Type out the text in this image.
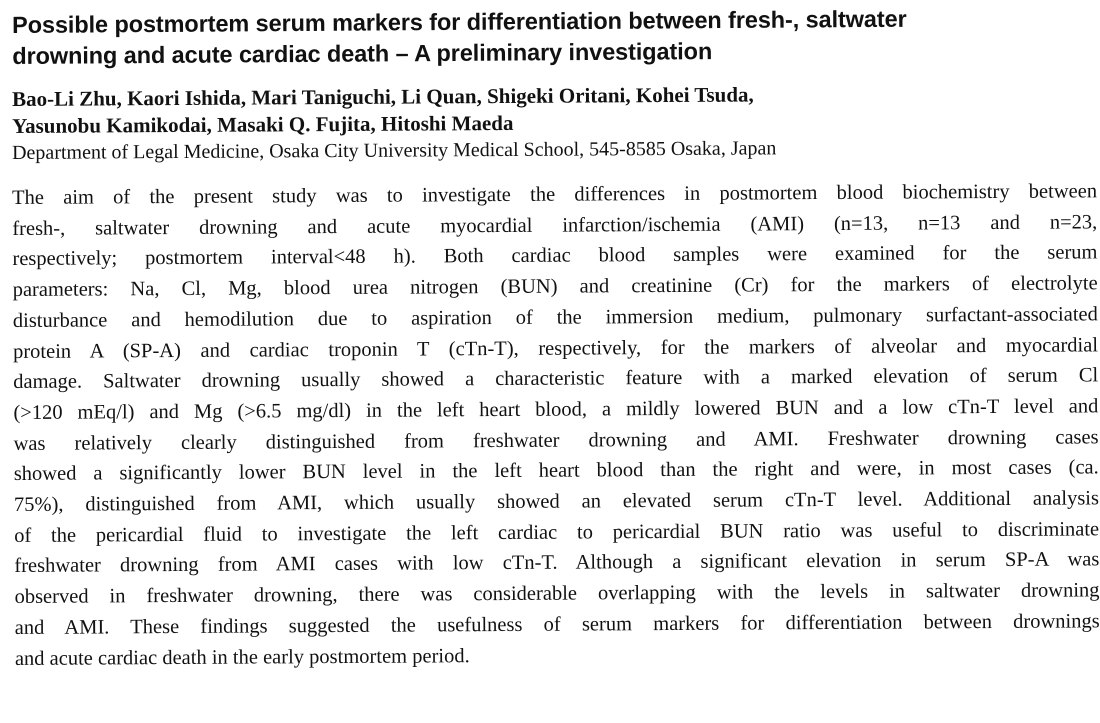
Possible postmortem serum markers for differentiation between fresh-, saltwater
drowning and acute cardiac death – A preliminary investigation
Bao-Li Zhu, Kaori Ishida, Mari Taniguchi, Li Quan, Shigeki Oritani, Kohei Tsuda,
Yasunobu Kamikodai, Masaki Q. Fujita, Hitoshi Maeda
Department of Legal Medicine, Osaka City University Medical School, 545-8585 Osaka, Japan
The aim of the present study was to investigate the differences in postmortem blood biochemistry between
fresh-, saltwater drowning and acute myocardial infarction/ischemia (AMI) (n=13, n=13 and n=23,
respectively; postmortem interval<48 h). Both cardiac blood samples were examined for the serum
parameters: Na, Cl, Mg, blood urea nitrogen (BUN) and creatinine (Cr) for the markers of electrolyte
disturbance and hemodilution due to aspiration of the immersion medium, pulmonary surfactant-associated
protein A (SP-A) and cardiac troponin T (cTn-T), respectively, for the markers of alveolar and myocardial
damage. Saltwater drowning usually showed a characteristic feature with a marked elevation of serum Cl
(>120 mEq/l) and Mg (>6.5 mg/dl) in the left heart blood, a mildly lowered BUN and a low cTn-T level and
was relatively clearly distinguished from freshwater drowning and AMI. Freshwater drowning cases
showed a significantly lower BUN level in the left heart blood than the right and were, in most cases (ca.
75%), distinguished from AMI, which usually showed an elevated serum cTn-T level. Additional analysis
of the pericardial fluid to investigate the left cardiac to pericardial BUN ratio was useful to discriminate
freshwater drowning from AMI cases with low cTn-T. Although a significant elevation in serum SP-A was
observed in freshwater drowning, there was considerable overlapping with the levels in saltwater drowning
and AMI. These findings suggested the usefulness of serum markers for differentiation between drownings
and acute cardiac death in the early postmortem period.
